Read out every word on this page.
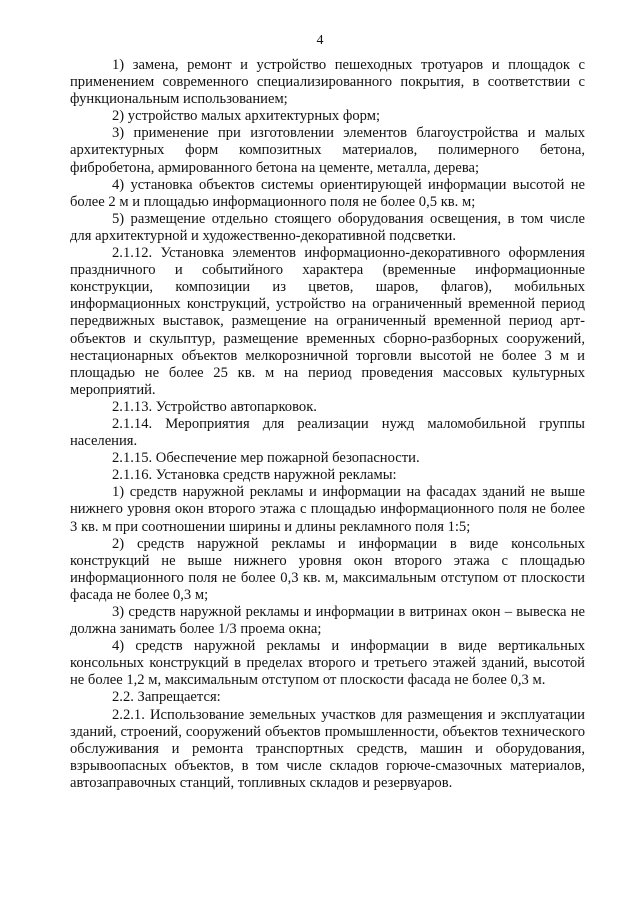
4

1) замена, ремонт и устройство пешеходных тротуаров и площадок с применением современного специализированного покрытия, в соответствии с функциональным использованием;

2) устройство малых архитектурных форм;

3) применение при изготовлении элементов благоустройства и малых архитектурных форм композитных материалов, полимерного бетона, фибробетона, армированного бетона на цементе, металла, дерева;

4) установка объектов системы ориентирующей информации высотой не более 2 м и площадью информационного поля не более 0,5 кв. м;

5) размещение отдельно стоящего оборудования освещения, в том числе для архитектурной и художественно-декоративной подсветки.

2.1.12. Установка элементов информационно-декоративного оформления праздничного и событийного характера (временные информационные конструкции, композиции из цветов, шаров, флагов), мобильных информационных конструкций, устройство на ограниченный временной период передвижных выставок, размещение на ограниченный временной период арт-объектов и скульптур, размещение временных сборно-разборных сооружений, нестационарных объектов мелкорозничной торговли высотой не более 3 м и площадью не более 25 кв. м на период проведения массовых культурных мероприятий.

2.1.13. Устройство автопарковок.

2.1.14. Мероприятия для реализации нужд маломобильной группы населения.

2.1.15. Обеспечение мер пожарной безопасности.

2.1.16. Установка средств наружной рекламы:

1) средств наружной рекламы и информации на фасадах зданий не выше нижнего уровня окон второго этажа с площадью информационного поля не более 3 кв. м при соотношении ширины и длины рекламного поля 1:5;

2) средств наружной рекламы и информации в виде консольных конструкций не выше нижнего уровня окон второго этажа с площадью информационного поля не более 0,3 кв. м, максимальным отступом от плоскости фасада не более 0,3 м;

3) средств наружной рекламы и информации в витринах окон – вывеска не должна занимать более 1/3 проема окна;

4) средств наружной рекламы и информации в виде вертикальных консольных конструкций в пределах второго и третьего этажей зданий, высотой не более 1,2 м, максимальным отступом от плоскости фасада не более 0,3 м.

2.2. Запрещается:

2.2.1. Использование земельных участков для размещения и эксплуатации зданий, строений, сооружений объектов промышленности, объектов технического обслуживания и ремонта транспортных средств, машин и оборудования, взрывоопасных объектов, в том числе складов горюче-смазочных материалов, автозаправочных станций, топливных складов и резервуаров.
